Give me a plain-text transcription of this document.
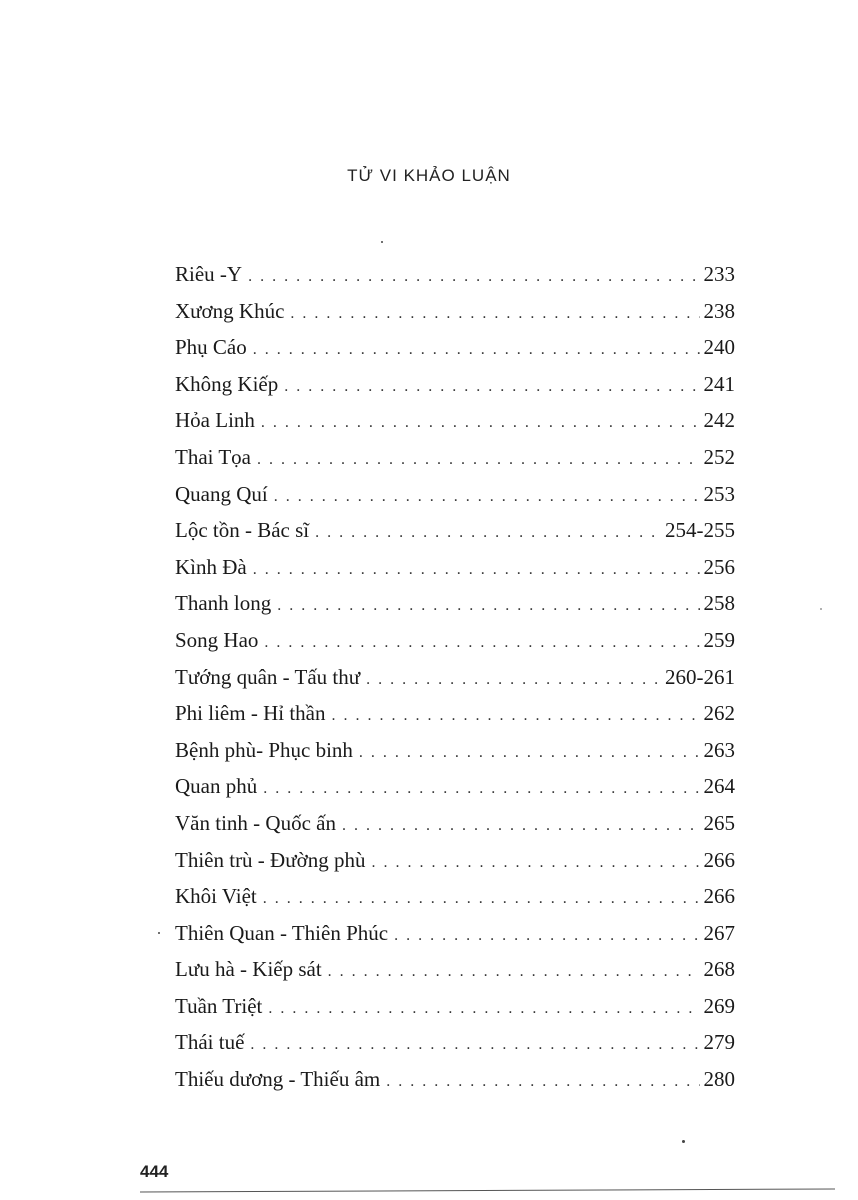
TỬ VI KHẢO LUẬN
Riêu -Y . . .	233
Xương Khúc . . .	238
Phụ Cáo . . .	240
Không Kiếp . . .	241
Hỏa Linh . . .	242
Thai Tọa . . .	252
Quang Quí . . .	253
Lộc tồn - Bác sĩ . . .	254-255
Kình Đà . . .	256
Thanh long . . .	258
Song Hao . . .	259
Tướng quân - Tấu thư . . .	260-261
Phi liêm - Hỉ thần . . .	262
Bệnh phù- Phục binh . . .	263
Quan phủ . . .	264
Văn tinh - Quốc ấn . . .	265
Thiên trù - Đường phù . . .	266
Khôi Việt . . .	266
Thiên Quan - Thiên Phúc . . .	267
Lưu hà - Kiếp sát . . .	268
Tuần Triệt . . .	269
Thái tuế . . .	279
Thiếu dương - Thiếu âm . . .	280
444
